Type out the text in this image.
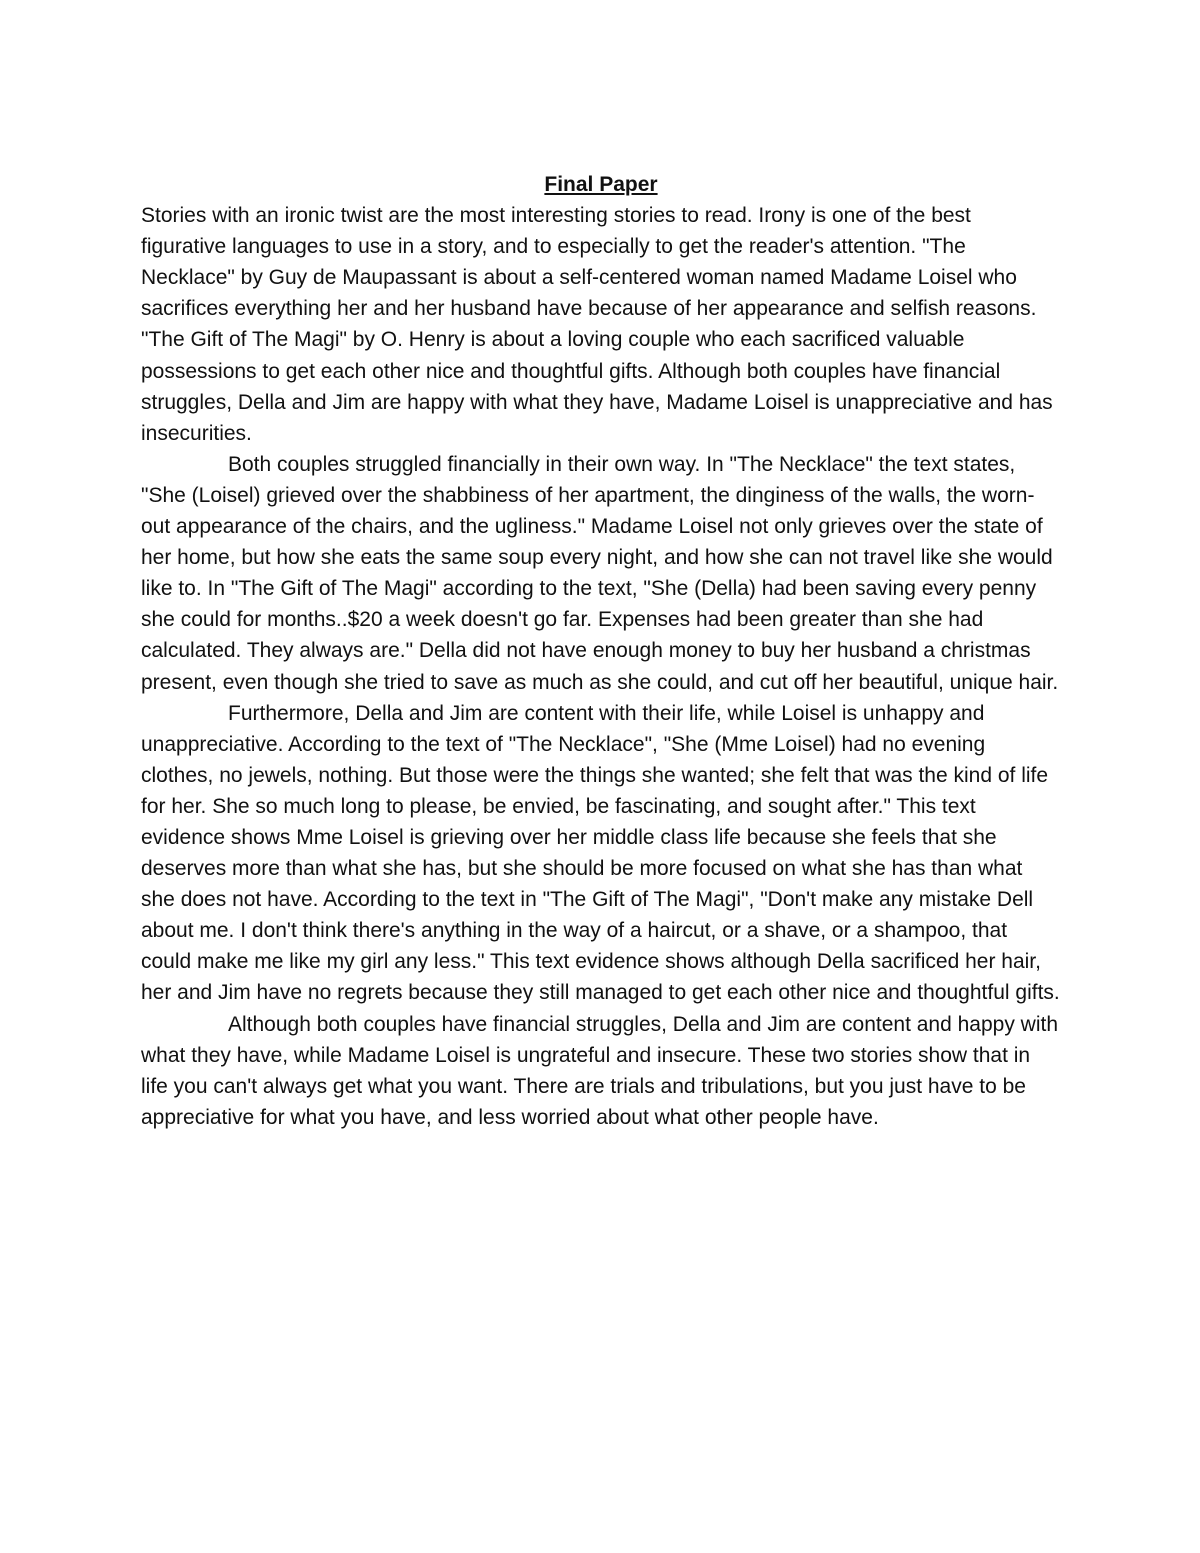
Final Paper

Stories with an ironic twist are the most interesting stories to read. Irony is one of the best figurative languages to use in a story, and to especially to get the reader's attention. "The Necklace" by Guy de Maupassant is about a self-centered woman named Madame Loisel who sacrifices everything her and her husband have because of her appearance and selfish reasons. "The Gift of The Magi" by O. Henry is about a loving couple who each sacrificed valuable possessions to get each other nice and thoughtful gifts. Although both couples have financial struggles, Della and Jim are happy with what they have, Madame Loisel is unappreciative and has insecurities.

Both couples struggled financially in their own way. In "The Necklace" the text states, "She (Loisel) grieved over the shabbiness of her apartment, the dinginess of the walls, the worn-out appearance of the chairs, and the ugliness." Madame Loisel not only grieves over the state of her home, but how she eats the same soup every night, and how she can not travel like she would like to. In "The Gift of The Magi" according to the text, "She (Della) had been saving every penny she could for months..$20 a week doesn't go far. Expenses had been greater than she had calculated. They always are." Della did not have enough money to buy her husband a christmas present, even though she tried to save as much as she could, and cut off her beautiful, unique hair.

Furthermore, Della and Jim are content with their life, while Loisel is unhappy and unappreciative. According to the text of "The Necklace", "She (Mme Loisel) had no evening clothes, no jewels, nothing. But those were the things she wanted; she felt that was the kind of life for her. She so much long to please, be envied, be fascinating, and sought after." This text evidence shows Mme Loisel is grieving over her middle class life because she feels that she deserves more than what she has, but she should be more focused on what she has than what she does not have. According to the text in "The Gift of The Magi", "Don't make any mistake Dell about me. I don't think there's anything in the way of a haircut, or a shave, or a shampoo, that could make me like my girl any less." This text evidence shows although Della sacrificed her hair, her and Jim have no regrets because they still managed to get each other nice and thoughtful gifts.

Although both couples have financial struggles, Della and Jim are content and happy with what they have, while Madame Loisel is ungrateful and insecure. These two stories show that in life you can't always get what you want. There are trials and tribulations, but you just have to be appreciative for what you have, and less worried about what other people have.
